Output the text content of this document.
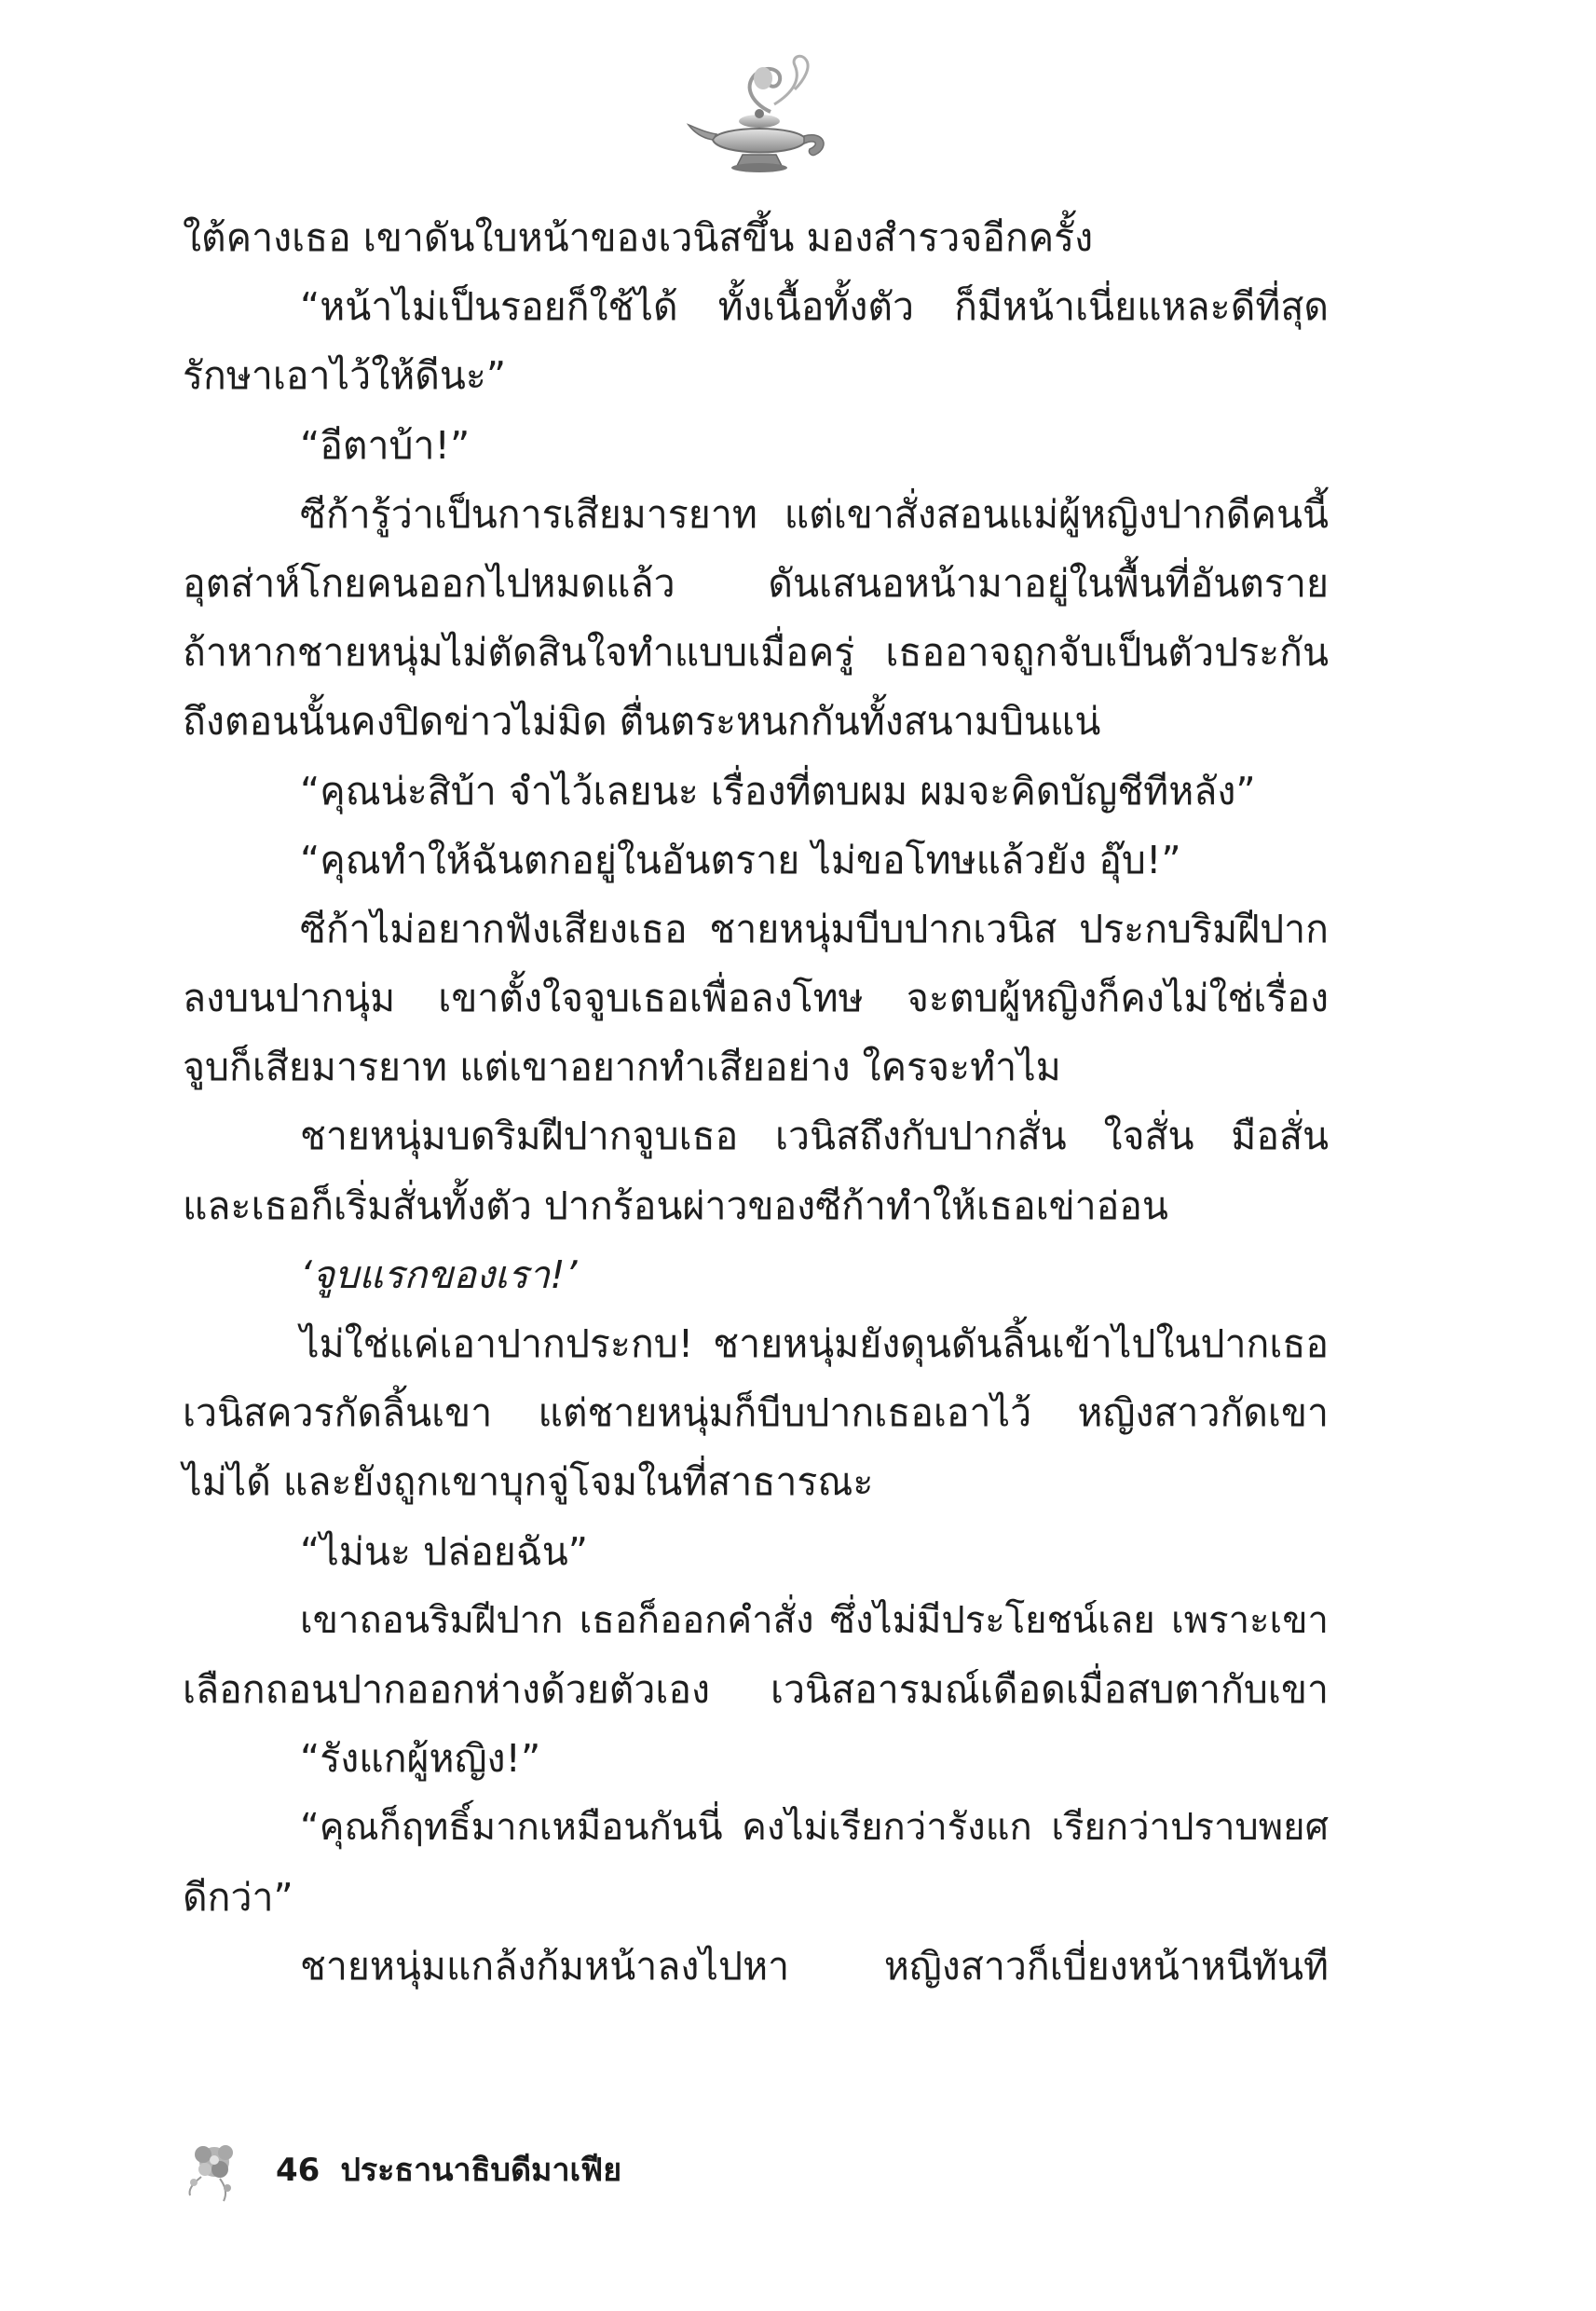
ใต้คางเธอ เขาดันใบหน้าของเวนิสขึ้น มองสำรวจอีกครั้ง
“หน้าไม่เป็นรอยก็ใช้ได้ ทั้งเนื้อทั้งตัว ก็มีหน้าเนี่ยแหละดีที่สุด
รักษาเอาไว้ให้ดีนะ”
“อีตาบ้า!”
ซีก้ารู้ว่าเป็นการเสียมารยาท แต่เขาสั่งสอนแม่ผู้หญิงปากดีคนนี้
อุตส่าห์โกยคนออกไปหมดแล้ว ดันเสนอหน้ามาอยู่ในพื้นที่อันตราย
ถ้าหากชายหนุ่มไม่ตัดสินใจทำแบบเมื่อครู่ เธออาจถูกจับเป็นตัวประกัน
ถึงตอนนั้นคงปิดข่าวไม่มิด ตื่นตระหนกกันทั้งสนามบินแน่
“คุณน่ะสิบ้า จำไว้เลยนะ เรื่องที่ตบผม ผมจะคิดบัญชีทีหลัง”
“คุณทำให้ฉันตกอยู่ในอันตราย ไม่ขอโทษแล้วยัง อุ๊บ!”
ซีก้าไม่อยากฟังเสียงเธอ ชายหนุ่มบีบปากเวนิส ประกบริมฝีปาก
ลงบนปากนุ่ม เขาตั้งใจจูบเธอเพื่อลงโทษ จะตบผู้หญิงก็คงไม่ใช่เรื่อง
จูบก็เสียมารยาท แต่เขาอยากทำเสียอย่าง ใครจะทำไม
ชายหนุ่มบดริมฝีปากจูบเธอ เวนิสถึงกับปากสั่น ใจสั่น มือสั่น
และเธอก็เริ่มสั่นทั้งตัว ปากร้อนผ่าวของซีก้าทำให้เธอเข่าอ่อน
‘จูบแรกของเรา!’
ไม่ใช่แค่เอาปากประกบ! ชายหนุ่มยังดุนดันลิ้นเข้าไปในปากเธอ
เวนิสควรกัดลิ้นเขา แต่ชายหนุ่มก็บีบปากเธอเอาไว้ หญิงสาวกัดเขา
ไม่ได้ และยังถูกเขาบุกจู่โจมในที่สาธารณะ
“ไม่นะ ปล่อยฉัน”
เขาถอนริมฝีปาก เธอก็ออกคำสั่ง ซึ่งไม่มีประโยชน์เลย เพราะเขา
เลือกถอนปากออกห่างด้วยตัวเอง เวนิสอารมณ์เดือดเมื่อสบตากับเขา
“รังแกผู้หญิง!”
“คุณก็ฤทธิ์มากเหมือนกันนี่ คงไม่เรียกว่ารังแก เรียกว่าปราบพยศ
ดีกว่า”
ชายหนุ่มแกล้งก้มหน้าลงไปหา หญิงสาวก็เบี่ยงหน้าหนีทันที
46 ประธานาธิบดีมาเฟีย
